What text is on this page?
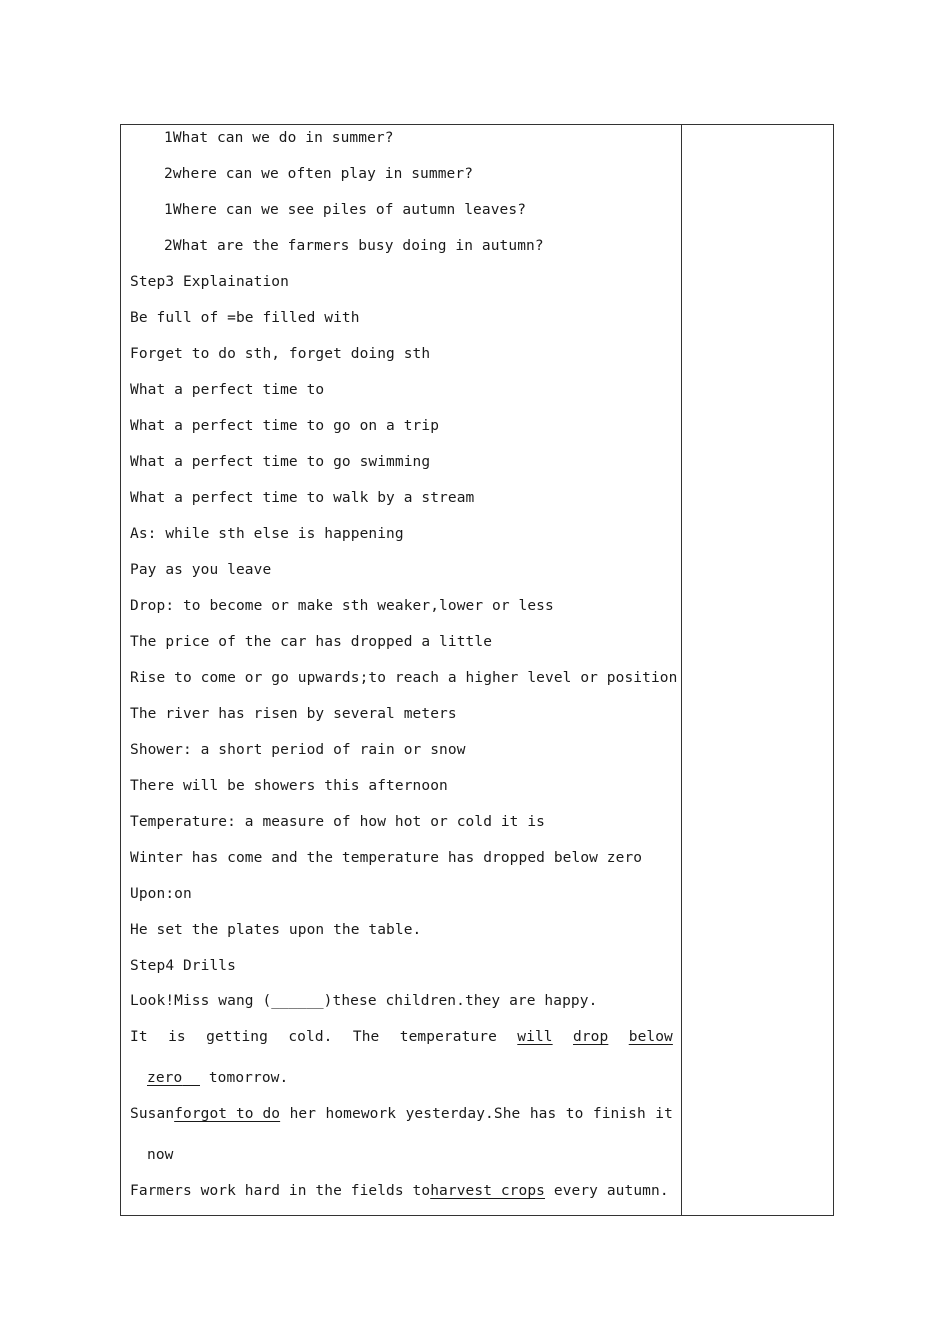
1What can we do in summer?
2where can we often play in summer?
1Where can we see piles of autumn leaves?
2What are the farmers busy doing in autumn?
Step3 Explaination
Be full of =be filled with
Forget to do sth, forget doing sth
What a perfect time to
What a perfect time to go on a trip
What a perfect time to go swimming
What a perfect time to walk by a stream
As: while sth else is happening
Pay as you leave
Drop: to become or make sth weaker,lower or less
The price of the car has dropped a little
Rise to come or go upwards;to reach a higher level or position
The river has risen by several meters
Shower: a short period of rain or snow
There will be showers this afternoon
Temperature: a measure of how hot or cold it is
Winter has come and the temperature has dropped below zero
Upon:on
He set the plates upon the table.
Step4 Drills
Look!Miss wang (______)these children.they are happy.
It is getting cold. The temperature will drop below
zero tomorrow.
Susanforgot to do her homework yesterday.She has to finish it
now
Farmers work hard in the fields toharvest crops every autumn.
